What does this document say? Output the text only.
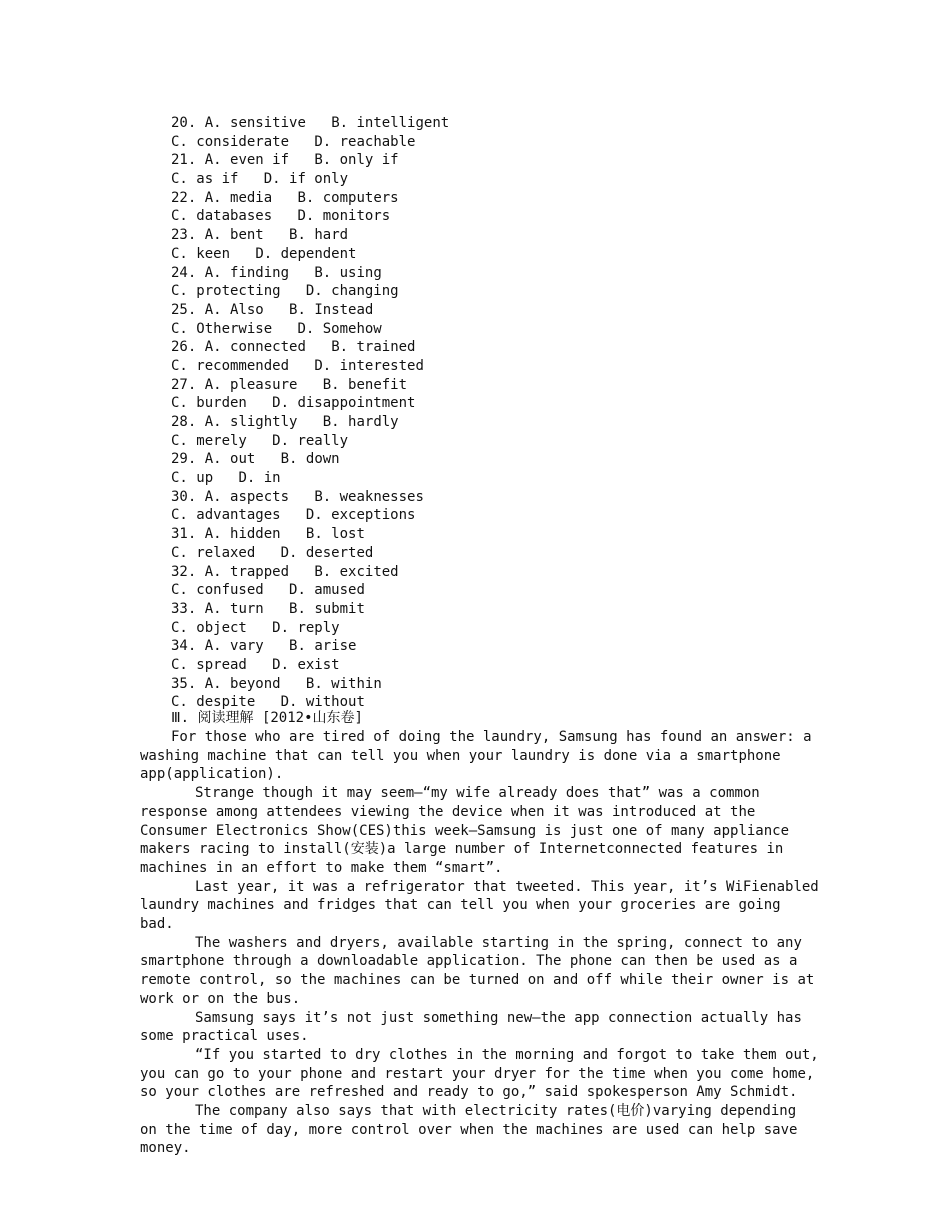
20. A. sensitive B. intelligent
C. considerate D. reachable
21. A. even if B. only if
C. as if D. if only
22. A. media B. computers
C. databases D. monitors
23. A. bent B. hard
C. keen D. dependent
24. A. finding B. using
C. protecting D. changing
25. A. Also B. Instead
C. Otherwise D. Somehow
26. A. connected B. trained
C. recommended D. interested
27. A. pleasure B. benefit
C. burden D. disappointment
28. A. slightly B. hardly
C. merely D. really
29. A. out B. down
C. up D. in
30. A. aspects B. weaknesses
C. advantages D. exceptions
31. A. hidden B. lost
C. relaxed D. deserted
32. A. trapped B. excited
C. confused D. amused
33. A. turn B. submit
C. object D. reply
34. A. vary B. arise
C. spread D. exist
35. A. beyond B. within
C. despite D. without
Ⅲ. 阅读理解 [2012•山东卷]

For those who are tired of doing the laundry, Samsung has found an answer: a washing machine that can tell you when your laundry is done via a smartphone app(application).

Strange though it may seem—“my wife already does that” was a common response among attendees viewing the device when it was introduced at the Consumer Electronics Show(CES)this week—Samsung is just one of many appliance makers racing to install(安装)a large number of Internetconnected features in machines in an effort to make them “smart”.

Last year, it was a refrigerator that tweeted. This year, it’s WiFienabled laundry machines and fridges that can tell you when your groceries are going bad.

The washers and dryers, available starting in the spring, connect to any smartphone through a downloadable application. The phone can then be used as a remote control, so the machines can be turned on and off while their owner is at work or on the bus.

Samsung says it’s not just something new—the app connection actually has some practical uses.

“If you started to dry clothes in the morning and forgot to take them out, you can go to your phone and restart your dryer for the time when you come home, so your clothes are refreshed and ready to go,” said spokesperson Amy Schmidt.

The company also says that with electricity rates(电价)varying depending on the time of day, more control over when the machines are used can help save money.
